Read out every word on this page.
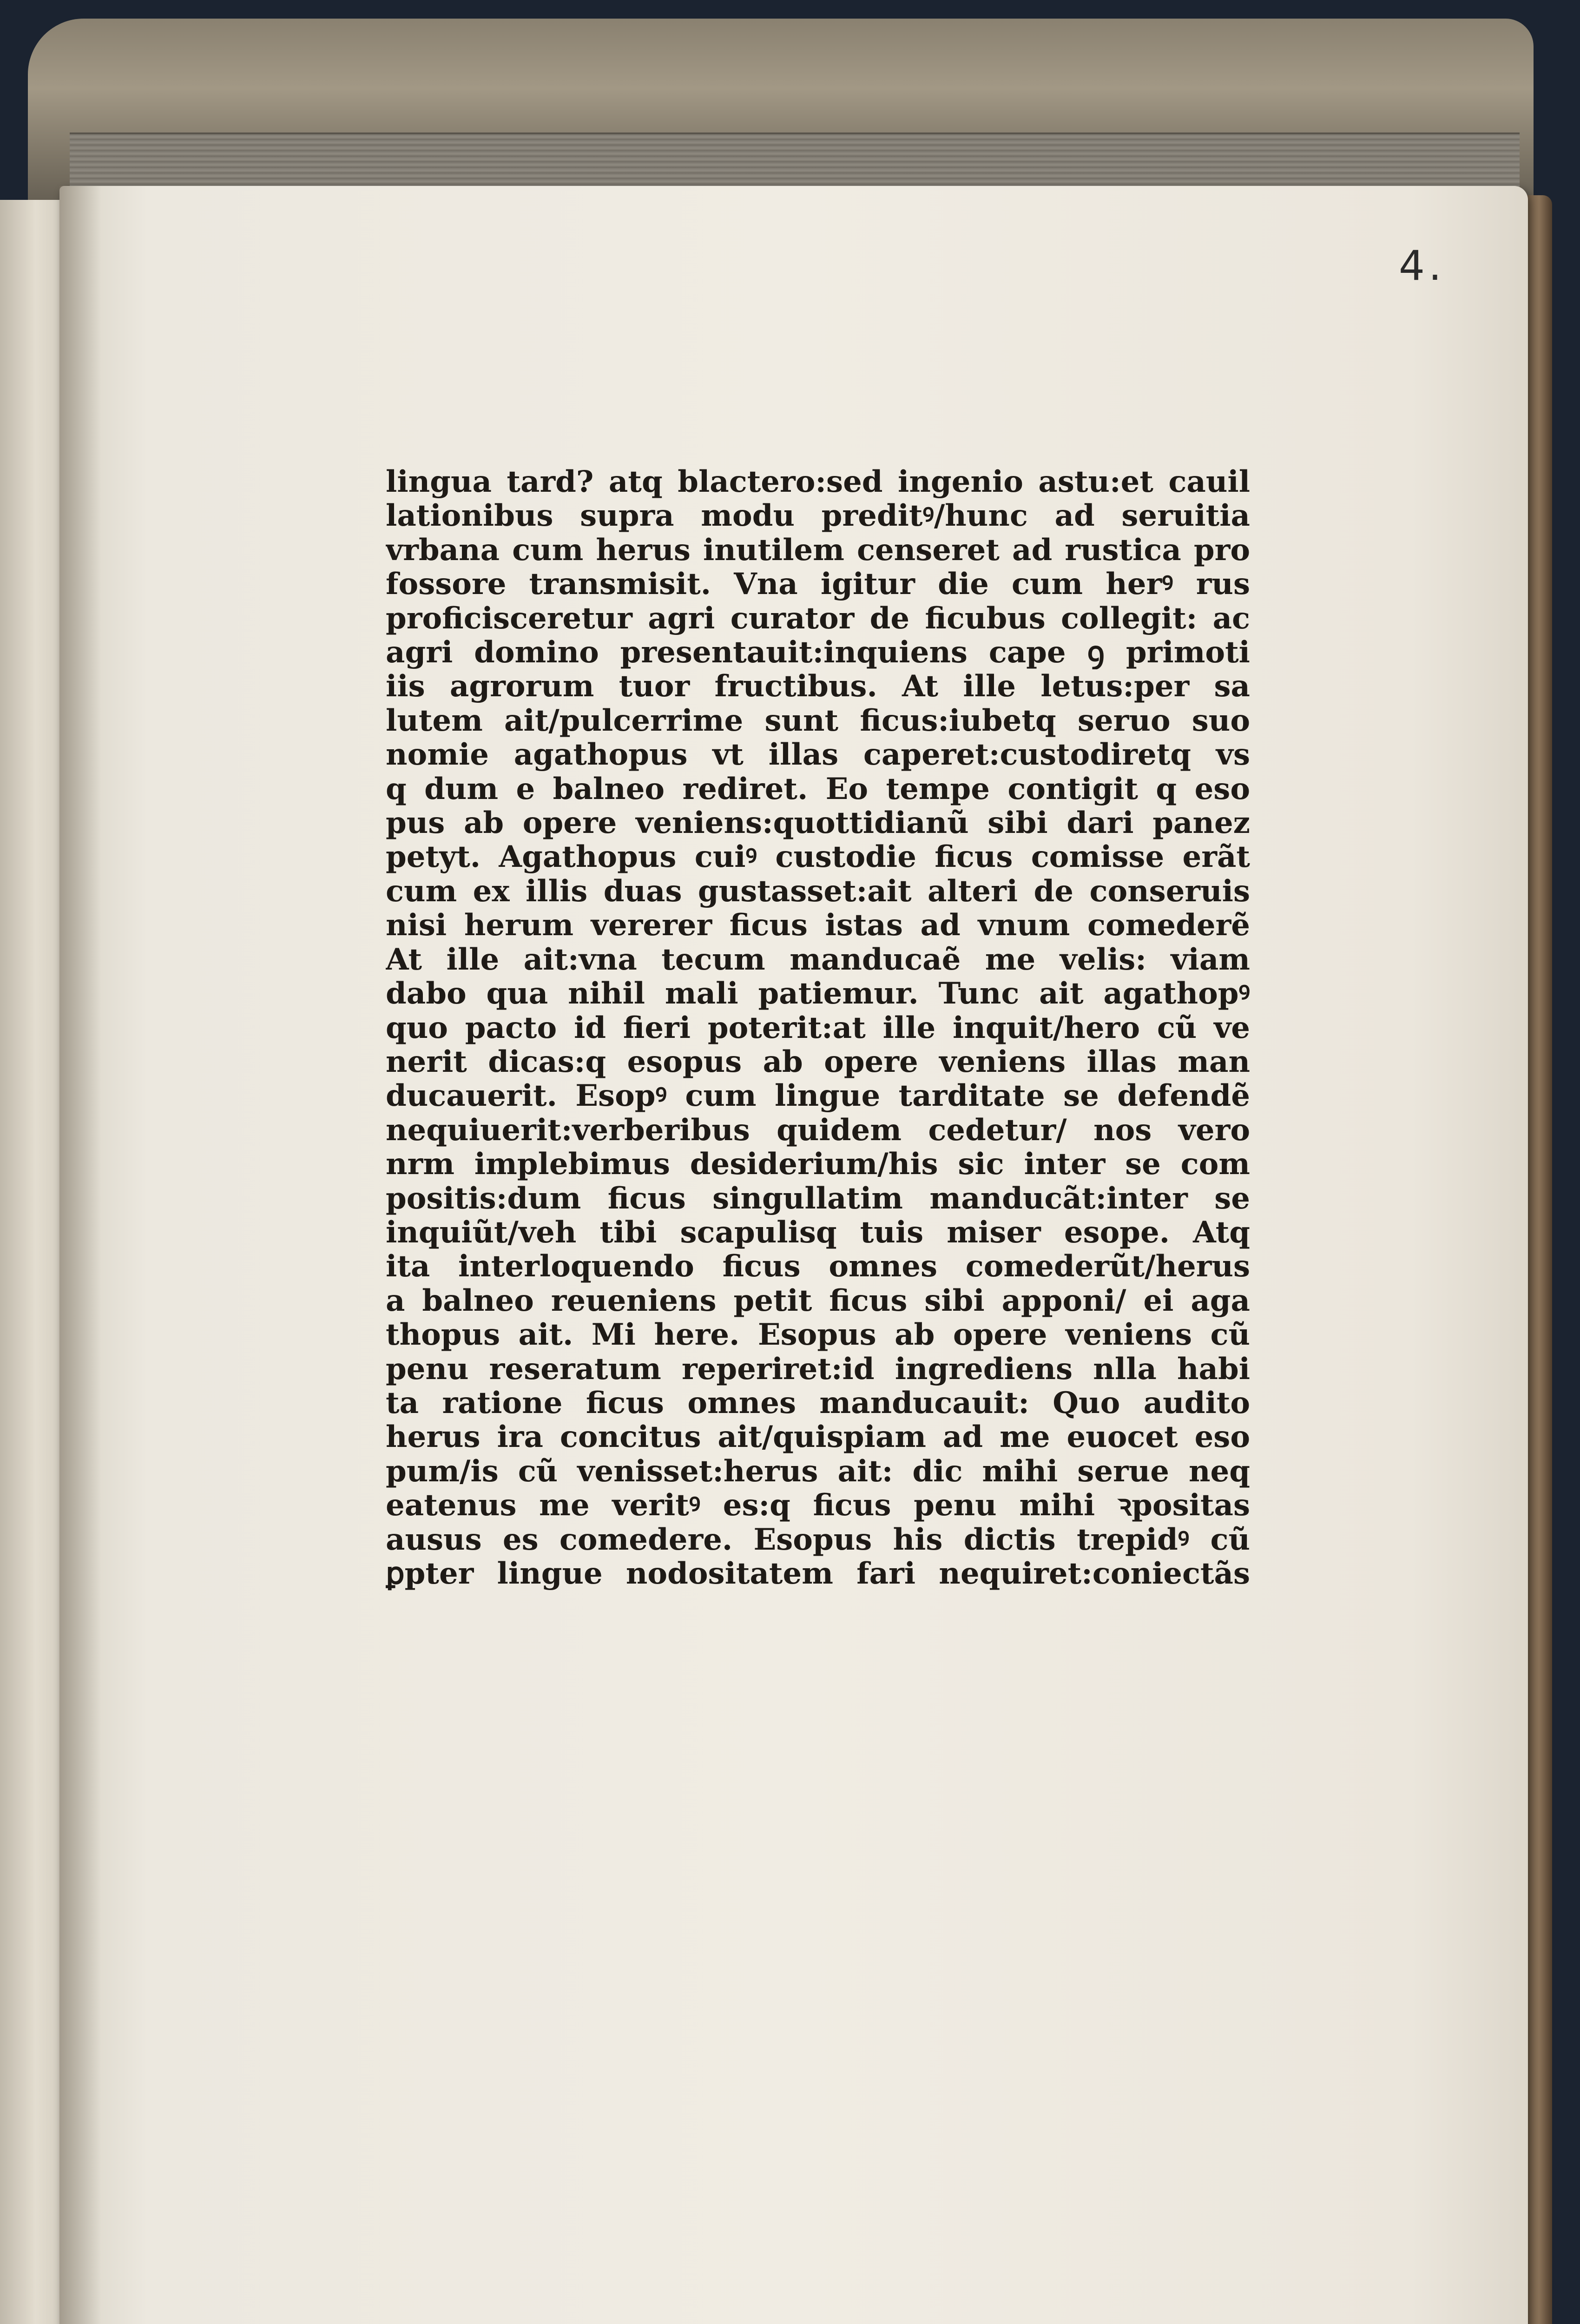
4.
lingua tard? atq blactero:sed ingenio astu:et cauil
lationibus supra modu preditꝰ/hunc ad seruitia
vrbana cum herus inutilem censeret ad rustica pro
fossore transmisit. Vna igitur die cum herꝰ rus
proficisceretur agri curator de ficubus collegit: ac
agri domino presentauit:inquiens cape ꝯ primoti
iis agrorum tuor fructibus. At ille letus:per sa
lutem ait/pulcerrime sunt ficus:iubetq seruo suo
nomie agathopus vt illas caperet:custodiretq vs
q dum e balneo rediret. Eo tempe contigit q eso
pus ab opere veniens:quottidianũ sibi dari panez
petyt. Agathopus cuiꝰ custodie ficus comisse erãt
cum ex illis duas gustasset:ait alteri de conseruis
nisi herum vererer ficus istas ad vnum comederẽ
At ille ait:vna tecum manducaẽ me velis: viam
dabo qua nihil mali patiemur. Tunc ait agathopꝰ
quo pacto id fieri poterit:at ille inquit/hero cũ ve
nerit dicas:q esopus ab opere veniens illas man
ducauerit. Esopꝰ cum lingue tarditate se defendẽ
nequiuerit:verberibus quidem cedetur/ nos vero
nrm implebimus desiderium/his sic inter se com
positis:dum ficus singullatim manducãt:inter se
inquiũt/veh tibi scapulisq tuis miser esope. Atq
ita interloquendo ficus omnes comederũt/herus
a balneo reueniens petit ficus sibi apponi/ ei aga
thopus ait. Mi here. Esopus ab opere veniens cũ
penu reseratum reperiret:id ingrediens nlla habi
ta ratione ficus omnes manducauit: Quo audito
herus ira concitus ait/quispiam ad me euocet eso
pum/is cũ venisset:herus ait: dic mihi serue neq
eatenus me veritꝰ es:q ficus penu mihi ꝛpositas
ausus es comedere. Esopus his dictis trepidꝰ cũ
ꝑpter lingue nodositatem fari nequiret:coniectãs
